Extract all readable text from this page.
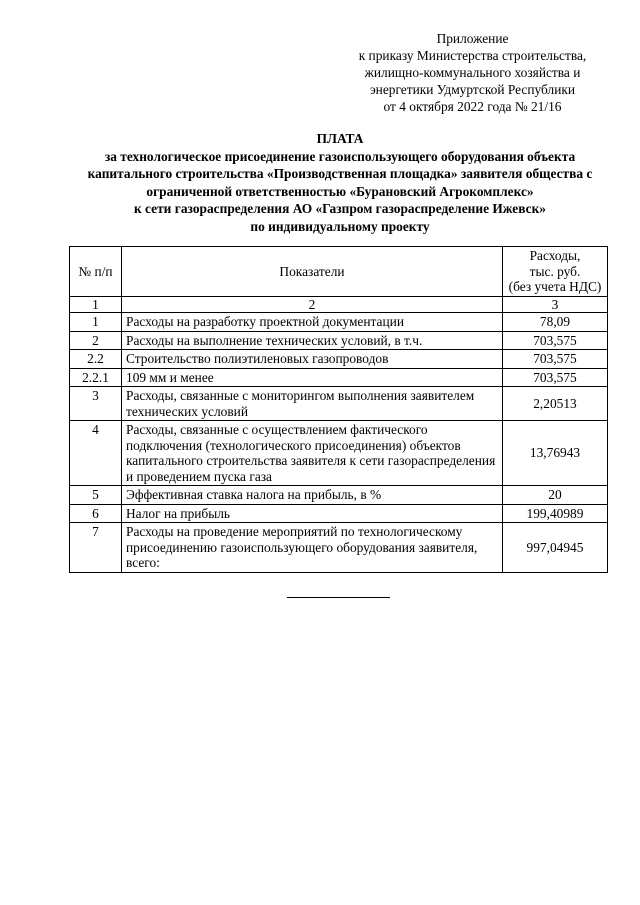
Приложение
к приказу Министерства строительства,
жилищно-коммунального хозяйства и
энергетики Удмуртской Республики
от 4 октября 2022 года № 21/16
ПЛАТА
за технологическое присоединение газоиспользующего оборудования объекта
капитального строительства «Производственная площадка» заявителя общества с
ограниченной ответственностью «Бурановский Агрокомплекс»
к сети газораспределения АО «Газпром газораспределение Ижевск»
по индивидуальному проекту
№ п/п	Показатели	Расходы,
тыс. руб.
(без учета НДС)

1	2	3
1	Расходы на разработку проектной документации	78,09
2	Расходы на выполнение технических условий, в т.ч.	703,575
2.2	Строительство полиэтиленовых газопроводов	703,575
2.2.1	109 мм и менее	703,575
3	Расходы, связанные с мониторингом выполнения заявителем технических условий	2,20513
4	Расходы, связанные с осуществлением фактического подключения (технологического присоединения) объектов капитального строительства заявителя к сети газораспределения и проведением пуска газа	13,76943
5	Эффективная ставка налога на прибыль, в %	20
6	Налог на прибыль	199,40989
7	Расходы на проведение мероприятий по технологическому присоединению газоиспользующего оборудования заявителя, всего:	997,04945
